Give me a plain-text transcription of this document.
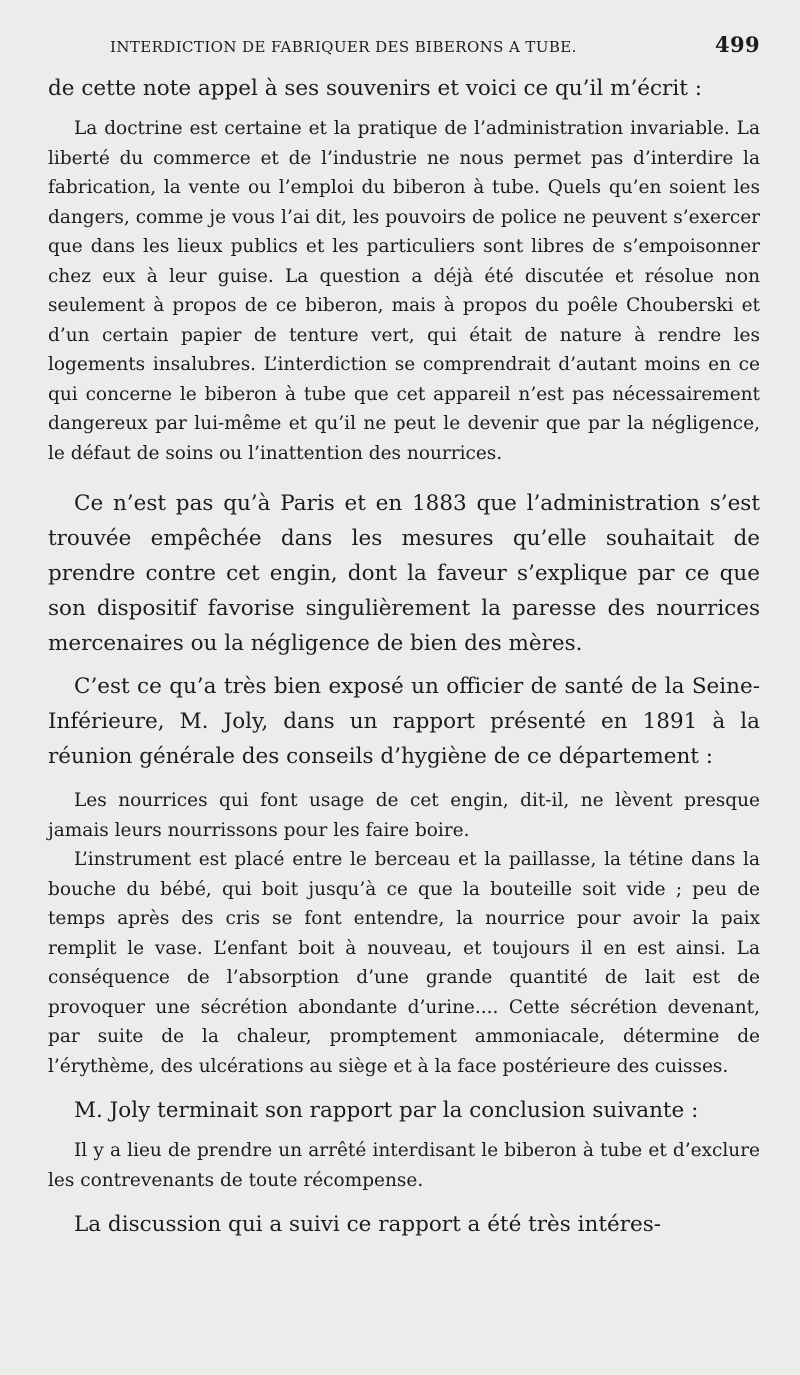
INTERDICTION DE FABRIQUER DES BIBERONS A TUBE.	499

de cette note appel à ses souvenirs et voici ce qu’il m’écrit :

La doctrine est certaine et la pratique de l’administration invariable. La liberté du commerce et de l’industrie ne nous permet pas d’interdire la fabrication, la vente ou l’emploi du biberon à tube. Quels qu’en soient les dangers, comme je vous l’ai dit, les pouvoirs de police ne peuvent s’exercer que dans les lieux publics et les particuliers sont libres de s’empoisonner chez eux à leur guise. La question a déjà été discutée et résolue non seulement à propos de ce biberon, mais à propos du poêle Chouberski et d’un certain papier de tenture vert, qui était de nature à rendre les logements insalubres. L’interdiction se comprendrait d’autant moins en ce qui concerne le biberon à tube que cet appareil n’est pas nécessairement dangereux par lui-même et qu’il ne peut le devenir que par la négligence, le défaut de soins ou l’inattention des nourrices.

Ce n’est pas qu’à Paris et en 1883 que l’administration s’est trouvée empêchée dans les mesures qu’elle souhaitait de prendre contre cet engin, dont la faveur s’explique par ce que son dispositif favorise singulièrement la paresse des nourrices mercenaires ou la négligence de bien des mères.

C’est ce qu’a très bien exposé un officier de santé de la Seine-Inférieure, M. Joly, dans un rapport présenté en 1891 à la réunion générale des conseils d’hygiène de ce département :

Les nourrices qui font usage de cet engin, dit-il, ne lèvent presque jamais leurs nourrissons pour les faire boire.

L’instrument est placé entre le berceau et la paillasse, la tétine dans la bouche du bébé, qui boit jusqu’à ce que la bouteille soit vide ; peu de temps après des cris se font entendre, la nourrice pour avoir la paix remplit le vase. L’enfant boit à nouveau, et toujours il en est ainsi. La conséquence de l’absorption d’une grande quantité de lait est de provoquer une sécrétion abondante d’urine.... Cette sécrétion devenant, par suite de la chaleur, promptement ammoniacale, détermine de l’érythème, des ulcérations au siège et à la face postérieure des cuisses.

M. Joly terminait son rapport par la conclusion suivante :

Il y a lieu de prendre un arrêté interdisant le biberon à tube et d’exclure les contrevenants de toute récompense.

La discussion qui a suivi ce rapport a été très intéres-
